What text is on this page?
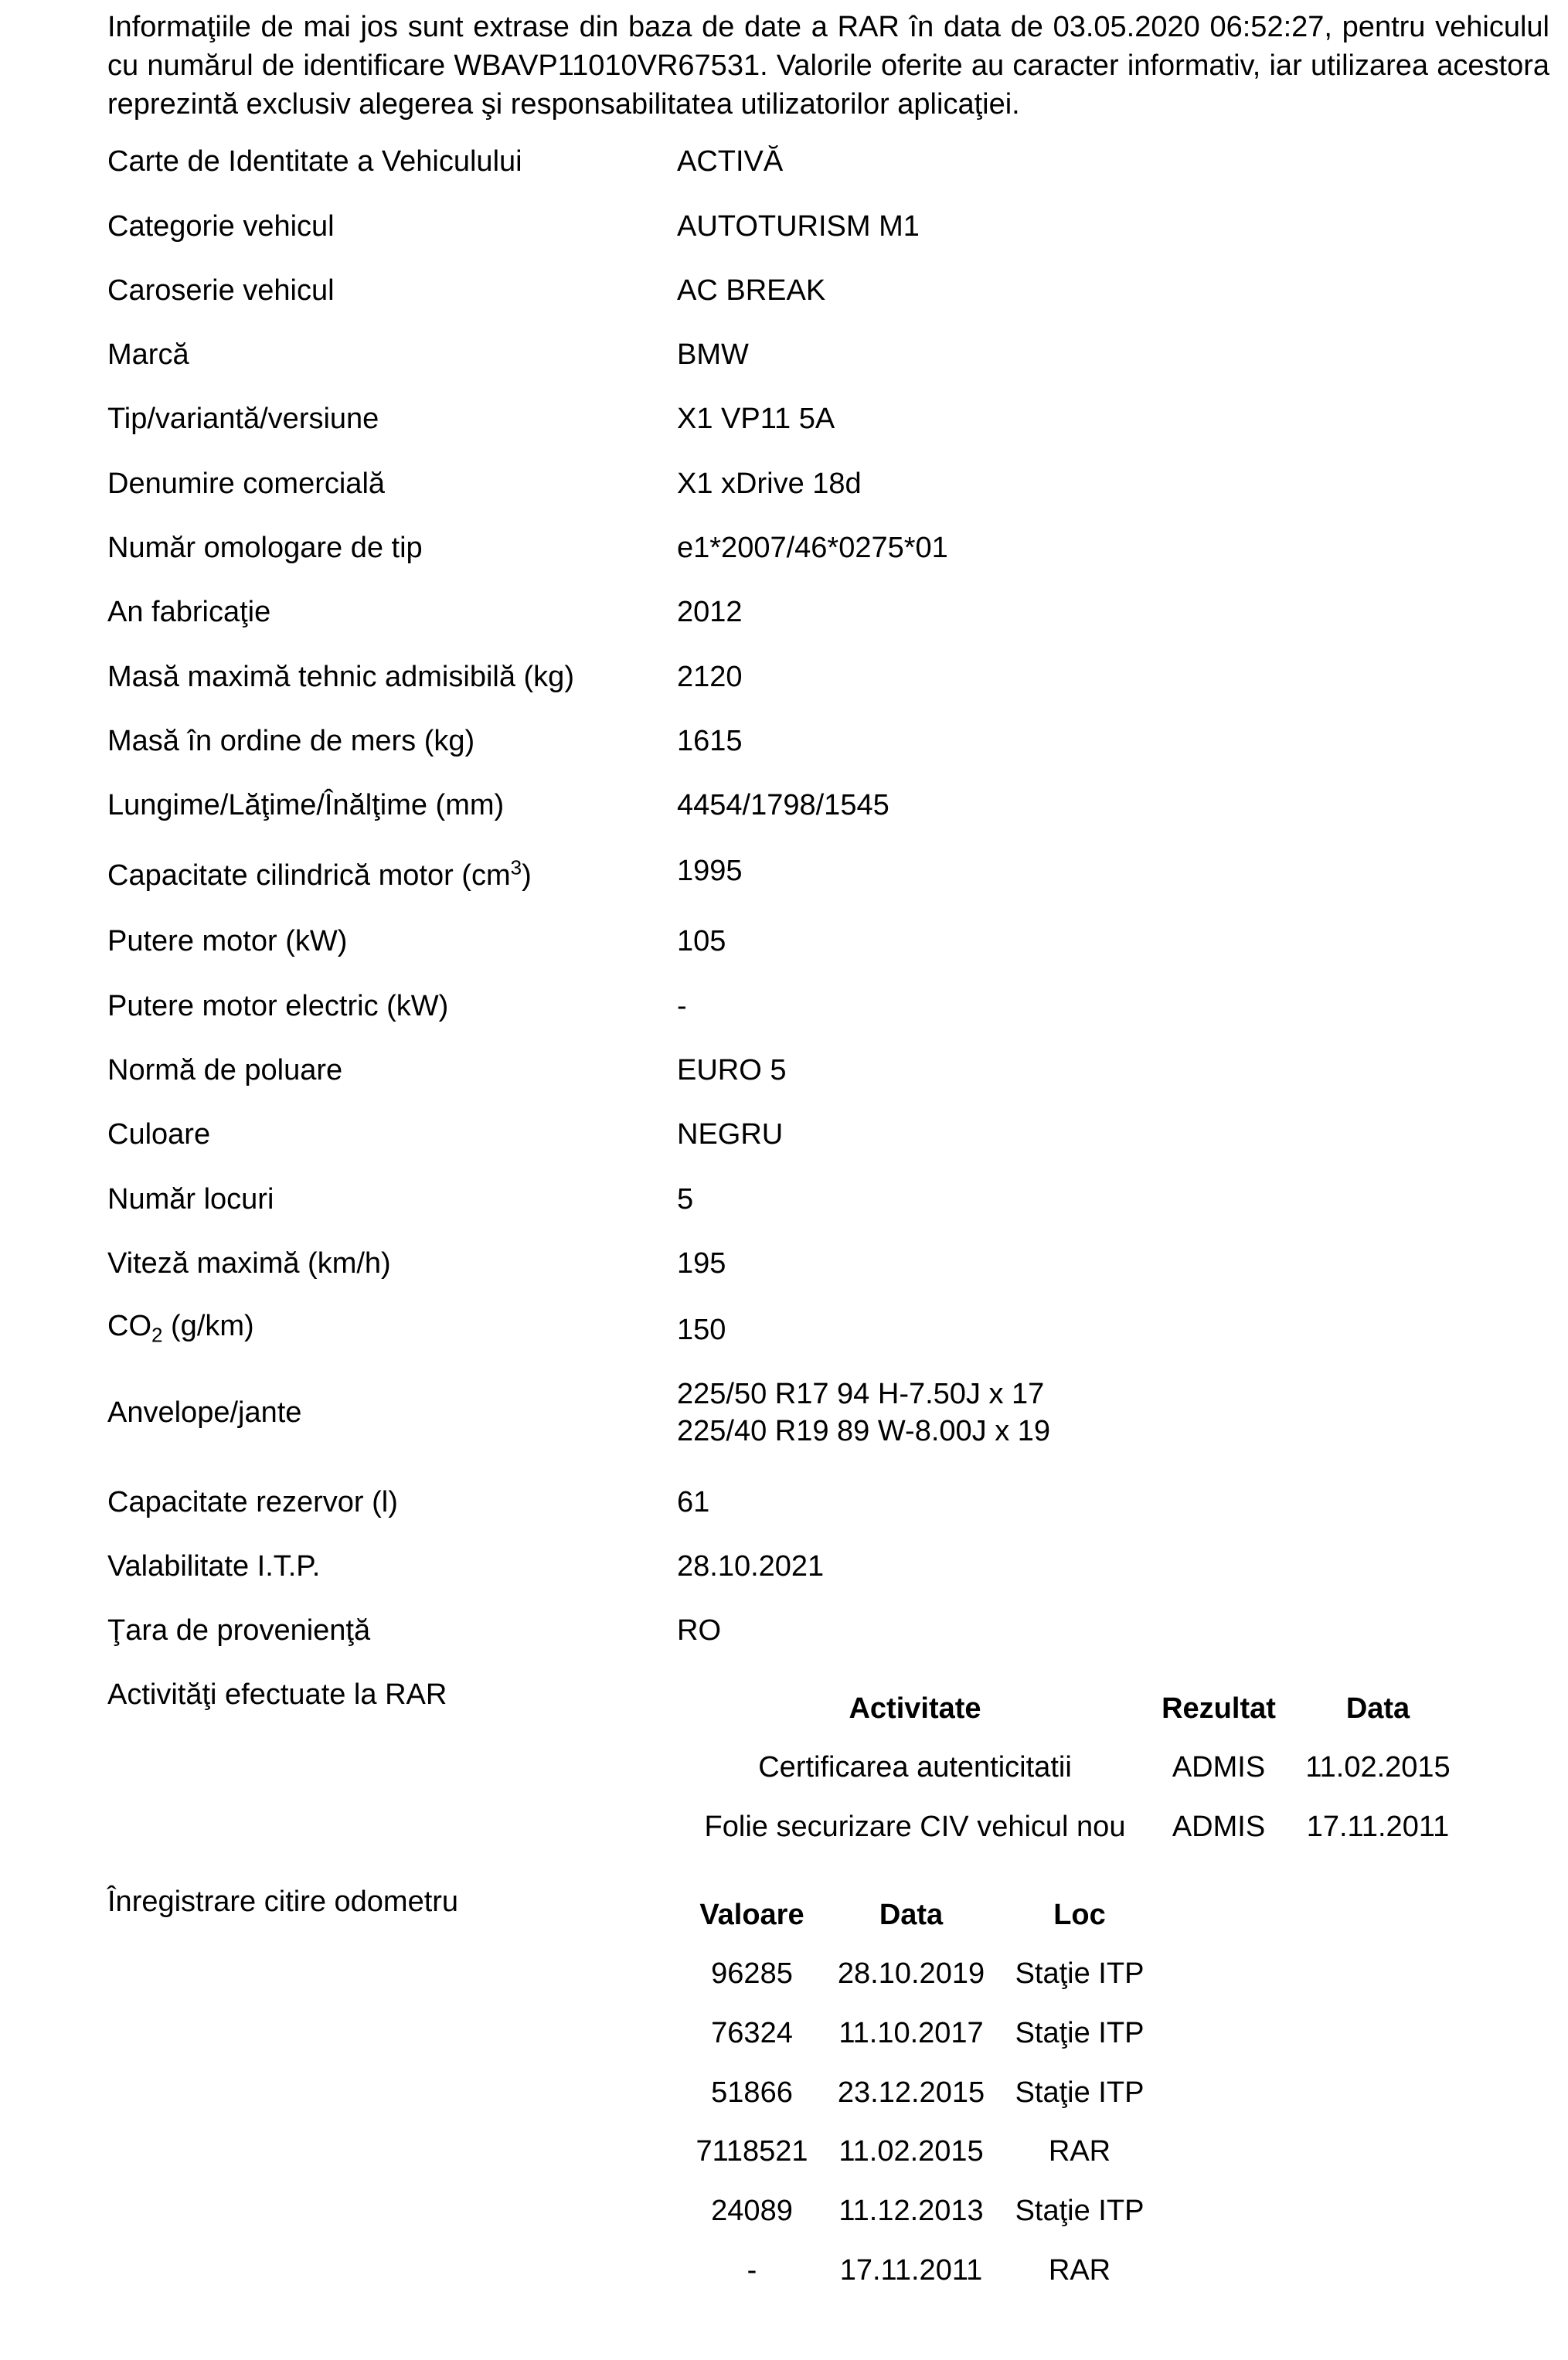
Informaţiile de mai jos sunt extrase din baza de date a RAR în data de 03.05.2020 06:52:27, pentru vehiculul cu numărul de identificare WBAVP11010VR67531. Valorile oferite au caracter informativ, iar utilizarea acestora reprezintă exclusiv alegerea şi responsabilitatea utilizatorilor aplicaţiei.

Carte de Identitate a Vehiculului	ACTIVĂ
Categorie vehicul	AUTOTURISM M1
Caroserie vehicul	AC BREAK
Marcă	BMW
Tip/variantă/versiune	X1 VP11 5A
Denumire comercială	X1 xDrive 18d
Număr omologare de tip	e1*2007/46*0275*01
An fabricaţie	2012
Masă maximă tehnic admisibilă (kg)	2120
Masă în ordine de mers (kg)	1615
Lungime/Lăţime/Înălţime (mm)	4454/1798/1545
Capacitate cilindrică motor $(cm^3)$	1995
Putere motor (kW)	105
Putere motor electric (kW)	-
Normă de poluare	EURO 5
Culoare	NEGRU
Număr locuri	5
Viteză maximă (km/h)	195
$CO_2$ (g/km)	150
Anvelope/jante
225/50 R17 94 H-7.50J x 17
225/40 R19 89 W-8.00J x 19
Capacitate rezervor (l)	61
Valabilitate I.T.P.	28.10.2021
Ţara de provenienţă	RO
Activităţi efectuate la RAR	Activitate	Rezultat Data
Certificarea autenticitatii	ADMIS 11.02.2015
Folie securizare CIV vehicul nou ADMIS 17.11.2011
Înregistrare citire odometru	Valoare	Data	Loc
96285 28.10.2019 Staţie ITP
76324 11.10.2017 Staţie ITP
51866 23.12.2015 Staţie ITP
7118521 11.02.2015 RAR
24089 11.12.2013 Staţie ITP
-	17.11.2011 RAR
